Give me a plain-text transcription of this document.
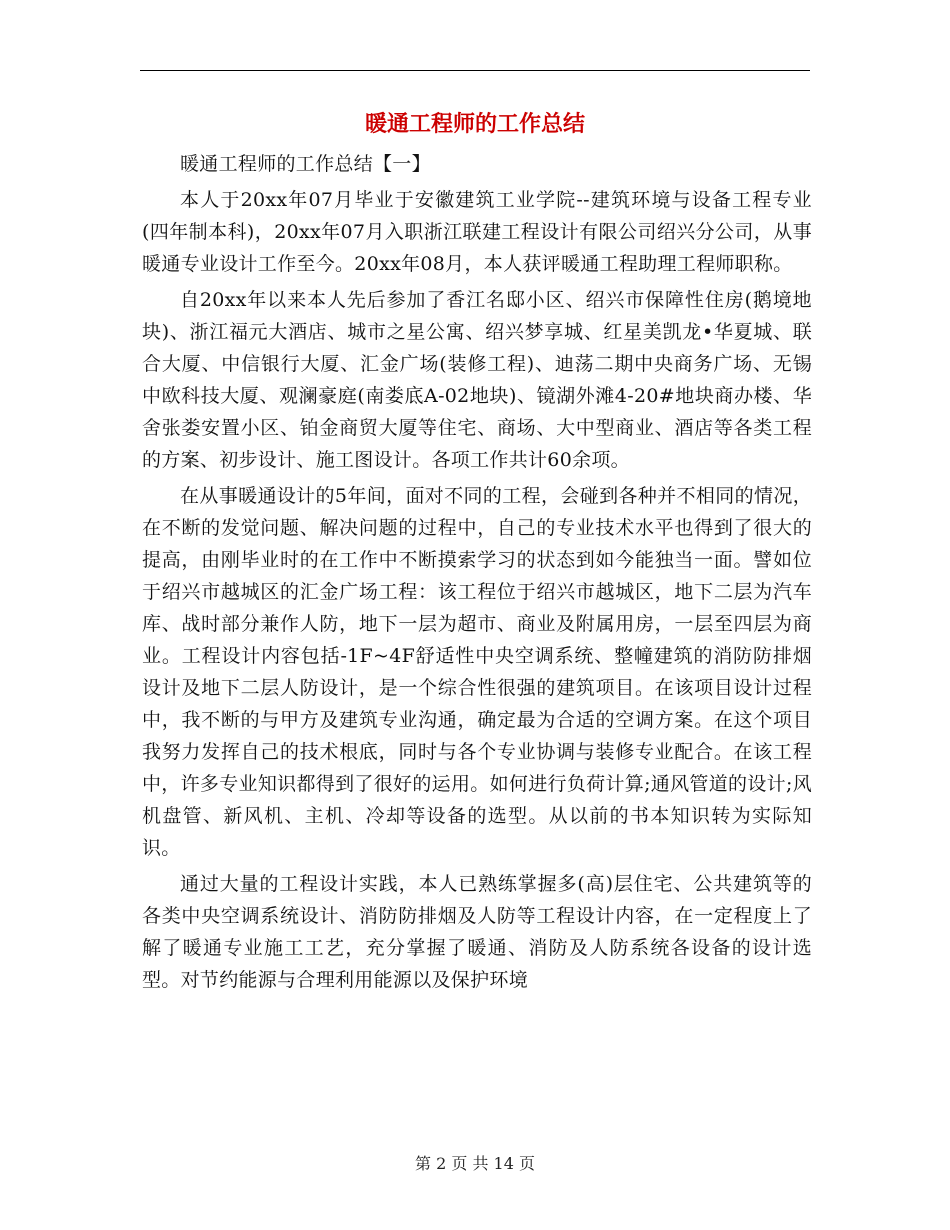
暖通工程师的工作总结

暖通工程师的工作总结【一】

本人于20xx年07月毕业于安徽建筑工业学院--建筑环境与设备工程专业(四年制本科)，20xx年07月入职浙江联建工程设计有限公司绍兴分公司，从事暖通专业设计工作至今。20xx年08月，本人获评暖通工程助理工程师职称。

自20xx年以来本人先后参加了香江名邸小区、绍兴市保障性住房(鹅境地块)、浙江福元大酒店、城市之星公寓、绍兴梦享城、红星美凯龙•华夏城、联合大厦、中信银行大厦、汇金广场(装修工程)、迪荡二期中央商务广场、无锡中欧科技大厦、观澜豪庭(南娄底A-02地块)、镜湖外滩4-20#地块商办楼、华舍张娄安置小区、铂金商贸大厦等住宅、商场、大中型商业、酒店等各类工程的方案、初步设计、施工图设计。各项工作共计60余项。

在从事暖通设计的5年间，面对不同的工程，会碰到各种并不相同的情况，在不断的发觉问题、解决问题的过程中，自己的专业技术水平也得到了很大的提高，由刚毕业时的在工作中不断摸索学习的状态到如今能独当一面。譬如位于绍兴市越城区的汇金广场工程：该工程位于绍兴市越城区，地下二层为汽车库、战时部分兼作人防，地下一层为超市、商业及附属用房，一层至四层为商业。工程设计内容包括-1F~4F舒适性中央空调系统、整幢建筑的消防防排烟设计及地下二层人防设计，是一个综合性很强的建筑项目。在该项目设计过程中，我不断的与甲方及建筑专业沟通，确定最为合适的空调方案。在这个项目我努力发挥自己的技术根底，同时与各个专业协调与装修专业配合。在该工程中，许多专业知识都得到了很好的运用。如何进行负荷计算;通风管道的设计;风机盘管、新风机、主机、冷却等设备的选型。从以前的书本知识转为实际知识。

通过大量的工程设计实践，本人已熟练掌握多(高)层住宅、公共建筑等的各类中央空调系统设计、消防防排烟及人防等工程设计内容，在一定程度上了解了暖通专业施工工艺，充分掌握了暖通、消防及人防系统各设备的设计选型。对节约能源与合理利用能源以及保护环境

第 2 页 共 14 页
